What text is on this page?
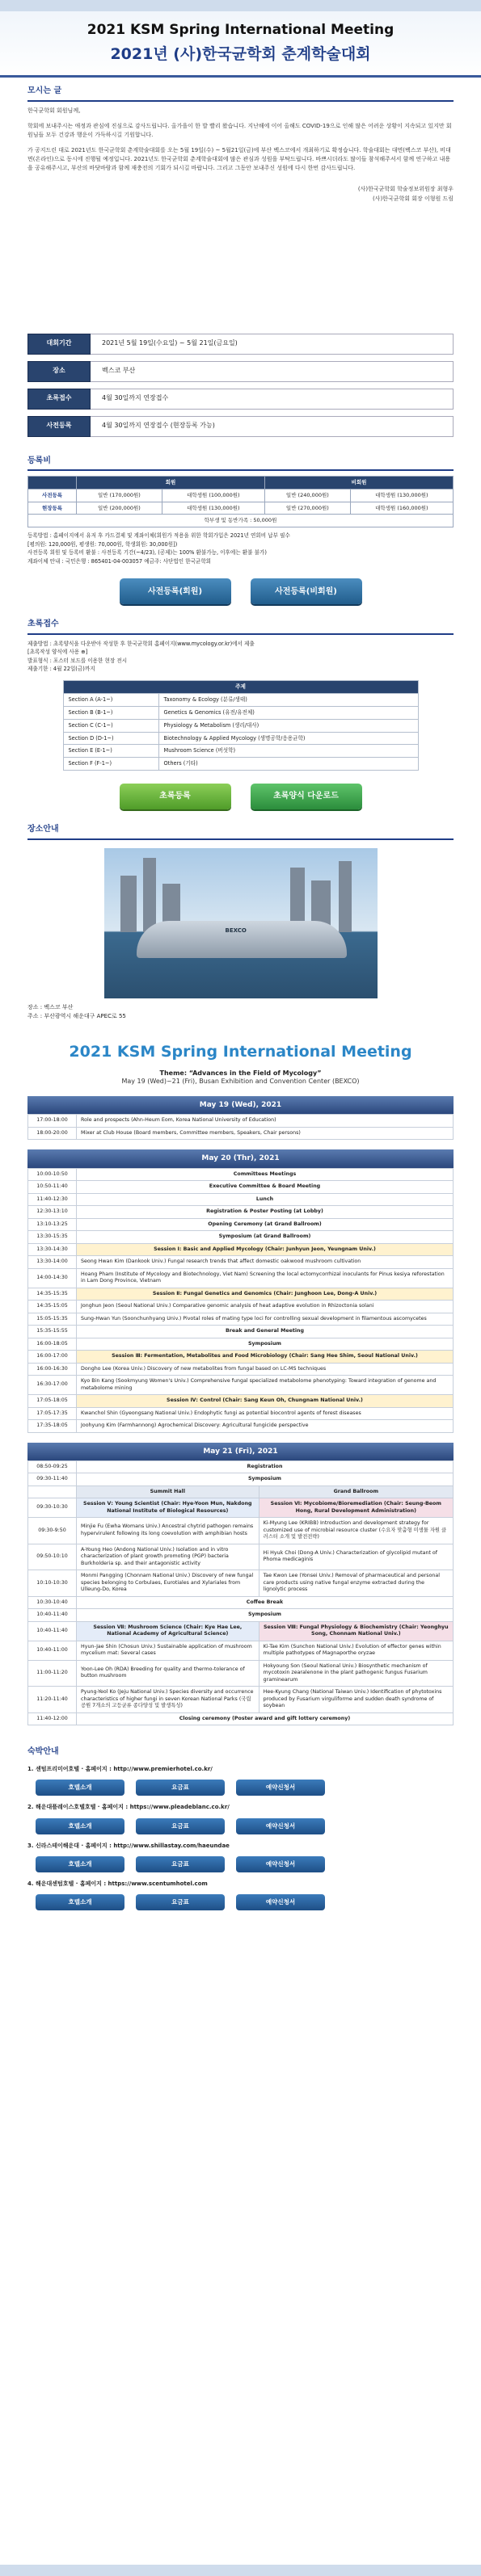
2021 KSM Spring International Meeting
2021년 (사)한국균학회 춘계학술대회
모시는 글

한국균학회 회원님께,

학회에 보내주시는 애정과 관심에 진심으로 감사드립니다. 올가을이 한 발 빨리 왔습니다. 지난해에 이어 올해도 COVID-19으로 인해 많은 어려운 상황이 지속되고 있지만 회원님들 모두 건강과 행운이 가득하시길 기원합니다.

가 공지드린 대로 2021년도 한국균학회 춘계학술대회를 오는 5월 19일(수) ~ 5월21일(금)에 부산 벡스코에서 개최하기로 확정습니다. 학술대회는 대면(벡스코 부산), 비대면(온라인)으로 동시에 진행될 예정입니다. 2021년도 한국균학회 춘계학술대회에 많은 관심과 성원을 부탁드립니다. 바쁘시더라도 많이들 참석해주셔서 함께 연구하고 내용을 공유해주시고, 부산의 바닷바람과 함께 재충전의 기회가 되시길 바랍니다. 그리고 그동안 보내주신 성원에 다시 한번 감사드립니다.

(사)한국균학회 학술정보위원장 최형우
(사)한국균학회 회장 이형원 드림
대회기간	2021년 5월 19일(수요일) ~ 5월 21일(금요일)
장소	벡스코 부산
초록접수	4월 30일까지 연장접수
사전등록	4월 30일까지 연장접수 (현장등록 가능)
등록비
	회원		비회원	
사전등록	일반 (170,000원)	대학생원 (100,000원)	일반 (240,000원)	대학생원 (130,000원)
현장등록	일반 (200,000원)	대학생원 (130,000원)	일반 (270,000원)	대학생원 (160,000원)
학부생 및 동반가족 : 50,000원				
등록방법 : 홈페이지에서 유저 후 카드결제 및 계좌이체(회원가 적용을 위한 학회가입은 2021년 연회비 납부 필수
[평의원: 120,000원, 평생원: 70,000원, 학생회원: 30,000원])
사전등록 회원 및 등록비 환불 : 사전등록 기간(~4/23), (공제)는 100% 환불가능, 이후에는 환불 불가)
계좌이체 안내 : 국민은행 : 865401-04-003057 예금주: 사단법인 한국균학회
사전등록(회원)	사전등록(비회원)
초록접수
제출방법 : 초록양식을 다운받아 작성한 후 한국균학회 홈페이지(www.mycology.or.kr)에서 제출
[초록작성 양식에 사용 ⊕]
발표형식 : 포스터 보드를 이용한 현장 전시
제출기한 : 4월 22일(금)까지
주제	
Section A (A-1~)	Taxonomy & Ecology (분류/생태)
Section B (B-1~)	Genetics & Genomics (유전/유전체)
Section C (C-1~)	Physiology & Metabolism (생리/대사)
Section D (D-1~)	Biotechnology & Applied Mycology (생명공학/응용균학)
Section E (E-1~)	Mushroom Science (버섯학)
Section F (F-1~)	Others (기타)
초록등록	초록양식 다운로드
장소안내
BEXCO
장소 : 벡스코 부산
주소 : 부산광역시 해운대구 APEC로 55
2021 KSM Spring International Meeting
Theme: “Advances in the Field of Mycology”
May 19 (Wed)~21 (Fri), Busan Exhibition and Convention Center (BEXCO)
May 19 (Wed), 2021
17:00-18:00	Role and prospects (Ahn-Heum Eom, Korea National University of Education)
18:00-20:00	Mixer at Club House (Board members, Committee members, Speakers, Chair persons)
May 20 (Thr), 2021
10:00-10:50	Committees Meetings
10:50-11:40	Executive Committee & Board Meeting
11:40-12:30	Lunch
12:30-13:10	Registration & Poster Posting (at Lobby)
13:10-13:25	Opening Ceremony (at Grand Ballroom)
13:30-15:35	Symposium (at Grand Ballroom)
13:30-14:30	Session Ⅰ: Basic and Applied Mycology (Chair: Junhyun Jeon, Yeungnam Univ.)
13:30-14:00	Seong Hwan Kim (Dankook Univ.) Fungal research trends that affect domestic oakwood mushroom cultivation
14:00-14:30	Hoang Pham (Institute of Mycology and Biotechnology, Viet Nam) Screening the local ectomycorrhizal inoculants for Pinus kesiya reforestation in Lam Dong Province, Vietnam
14:35-15:35	Session Ⅱ: Fungal Genetics and Genomics (Chair: Junghoon Lee, Dong-A Univ.)
14:35-15:05	Jonghun Jeon (Seoul National Univ.) Comparative genomic analysis of heat adaptive evolution in Rhizoctonia solani
15:05-15:35	Sung-Hwan Yun (Soonchunhyang Univ.) Pivotal roles of mating type loci for controlling sexual development in filamentous ascomycetes
15:35-15:55	Break and General Meeting
16:00-18:05	Symposium
16:00-17:00	Session Ⅲ: Fermentation, Metabolites and Food Microbiology (Chair: Sang Hee Shim, Seoul National Univ.)
16:00-16:30	Dongho Lee (Korea Univ.) Discovery of new metabolites from fungal based on LC-MS techniques
16:30-17:00	Kyo Bin Kang (Sookmyung Women's Univ.) Comprehensive fungal specialized metabolome phenotyping: Toward integration of genome and metabolome mining
17:05-18:05	Session Ⅳ: Control (Chair: Sang Keun Oh, Chungnam National Univ.)
17:05-17:35	Kwanchol Shin (Gyeongsang National Univ.) Endophytic fungi as potential biocontrol agents of forest diseases
17:35-18:05	Joohyung Kim (Farmhannong) Agrochemical Discovery: Agricultural fungicide perspective
May 21 (Fri), 2021
08:50-09:25	Registration	
09:30-11:40	Symposium	
	Summit Hall	Grand Ballroom
09:30-10:30	Session Ⅴ: Young Scientist (Chair: Hye-Yoon Mun, Nakdong National Institute of Biological Resources)	Session Ⅵ: Mycobiome/Bioremediation (Chair: Seung-Beom Hong, Rural Development Administration)
09:30-9:50	Minjie Fu (Ewha Womans Univ.) Ancestral chytrid pathogen remains hypervirulent following its long coevolution with amphibian hosts	Ki-Myung Lee (KRIBB) Introduction and development strategy for customized use of microbial resource cluster (수요자 맞춤형 미생물 자원 클러스터 소개 및 발전전략)
09:50-10:10	A-Young Heo (Andong National Univ.) Isolation and in vitro characterization of plant growth promoting (PGP) bacteria Burkholderia sp. and their antagonistic activity	Hi Hyuk Choi (Dong-A Univ.) Characterization of glycolipid mutant of Phoma medicaginis
10:10-10:30	Monmi Pangging (Chonnam National Univ.) Discovery of new fungal species belonging to Corbulaes, Eurotiales and Xylariales from Ulleung-Do, Korea	Tae Kwon Lee (Yonsei Univ.) Removal of pharmaceutical and personal care products using native fungal enzyme extracted during the lignolytic process
10:30-10:40	Coffee Break	
10:40-11:40	Symposium	
10:40-11:40	Session Ⅶ: Mushroom Science (Chair: Kye Hae Lee, National Academy of Agricultural Science)	Session Ⅷ: Fungal Physiology & Biochemistry (Chair: Yeonghyu Song, Chonnam National Univ.)
10:40-11:00	Hyun-Jae Shin (Chosun Univ.) Sustainable application of mushroom mycelium mat: Several cases	Ki-Tae Kim (Sunchon National Univ.) Evolution of effector genes within multiple pathotypes of Magnaporthe oryzae
11:00-11:20	Yoon-Lee Oh (RDA) Breeding for quality and thermo-tolerance of button mushroom	Hokyoung Son (Seoul National Univ.) Biosynthetic mechanism of mycotoxin zearalenone in the plant pathogenic fungus Fusarium graminearum
11:20-11:40	Pyung-Yeol Ko (Jeju National Univ.) Species diversity and occurrence characteristics of higher fungi in seven Korean National Parks (국립공원 7개소의 고등균류 종다양성 및 발생특성)	Hee-Kyung Chang (National Taiwan Univ.) Identification of phytotoxins produced by Fusarium virguliforme and sudden death syndrome of soybean
11:40-12:00	Closing ceremony (Poster award and gift lottery ceremony)	
숙박안내
1. 센텀프리미어호텔 · 홈페이지 : http://www.premierhotel.co.kr/
호텔소개	요금표	예약신청서
2. 해운대플레이스호텔호텔 · 홈페이지 : https://www.pleadeblanc.co.kr/
호텔소개	요금표	예약신청서
3. 신라스테이해운대 · 홈페이지 : http://www.shillastay.com/haeundae
호텔소개	요금표	예약신청서
4. 해운대센텀호텔 · 홈페이지 : https://www.scentumhotel.com
호텔소개	요금표	예약신청서
